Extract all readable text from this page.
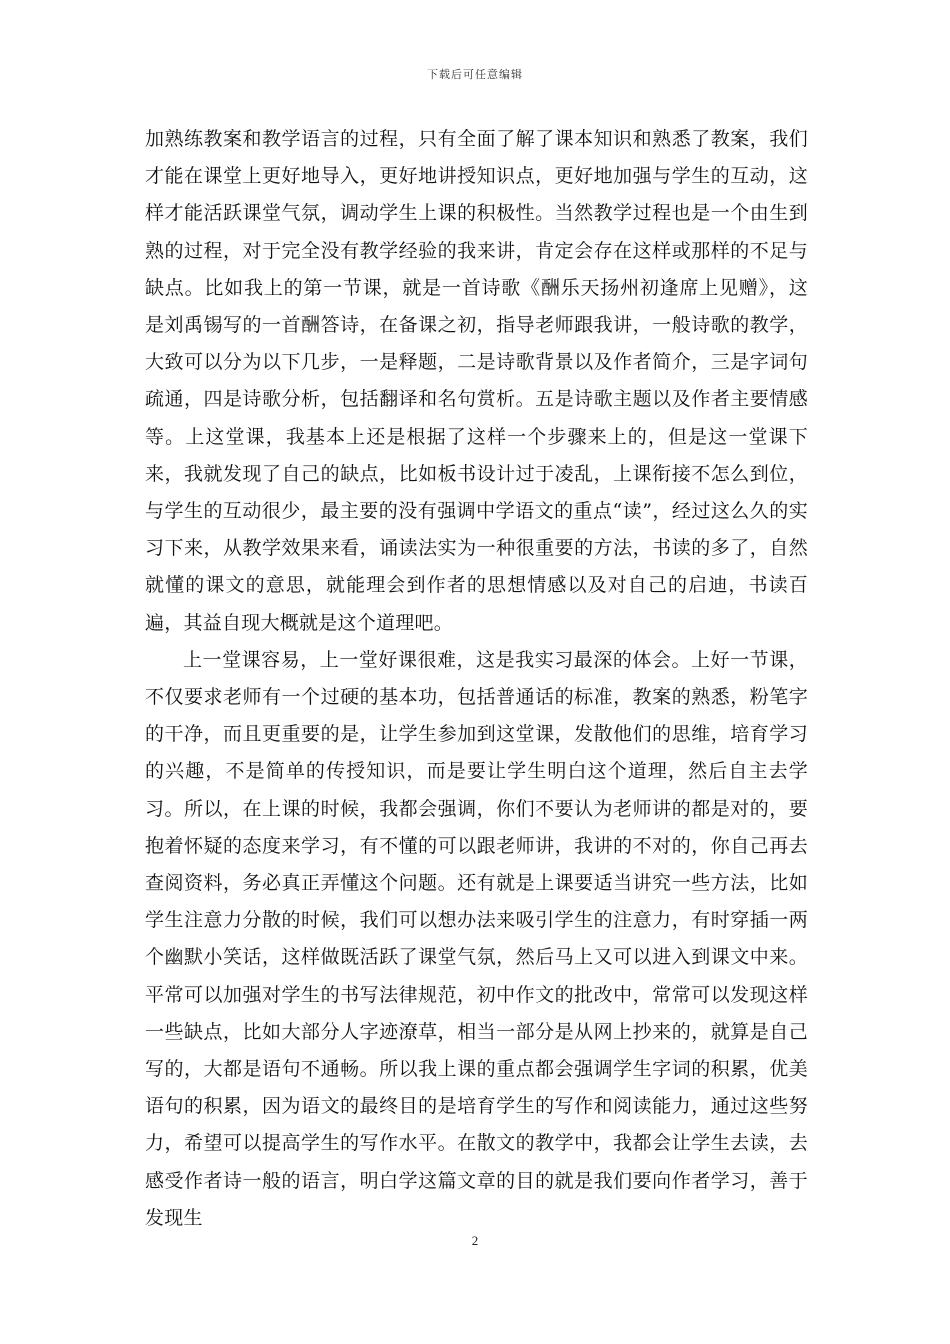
下载后可任意编辑

加熟练教案和教学语言的过程，只有全面了解了课本知识和熟悉了教案，我们才能在课堂上更好地导入，更好地讲授知识点，更好地加强与学生的互动，这样才能活跃课堂气氛，调动学生上课的积极性。当然教学过程也是一个由生到熟的过程，对于完全没有教学经验的我来讲，肯定会存在这样或那样的不足与缺点。比如我上的第一节课，就是一首诗歌《酬乐天扬州初逢席上见赠》，这是刘禹锡写的一首酬答诗，在备课之初，指导老师跟我讲，一般诗歌的教学，大致可以分为以下几步，一是释题，二是诗歌背景以及作者简介，三是字词句疏通，四是诗歌分析，包括翻译和名句赏析。五是诗歌主题以及作者主要情感等。上这堂课，我基本上还是根据了这样一个步骤来上的，但是这一堂课下来，我就发现了自己的缺点，比如板书设计过于凌乱，上课衔接不怎么到位，与学生的互动很少，最主要的没有强调中学语文的重点“读”，经过这么久的实习下来，从教学效果来看，诵读法实为一种很重要的方法，书读的多了，自然就懂的课文的意思，就能理会到作者的思想情感以及对自己的启迪，书读百遍，其益自现大概就是这个道理吧。

上一堂课容易，上一堂好课很难，这是我实习最深的体会。上好一节课，不仅要求老师有一个过硬的基本功，包括普通话的标准，教案的熟悉，粉笔字的干净，而且更重要的是，让学生参加到这堂课，发散他们的思维，培育学习的兴趣，不是简单的传授知识，而是要让学生明白这个道理，然后自主去学习。所以，在上课的时候，我都会强调，你们不要认为老师讲的都是对的，要抱着怀疑的态度来学习，有不懂的可以跟老师讲，我讲的不对的，你自己再去查阅资料，务必真正弄懂这个问题。还有就是上课要适当讲究一些方法，比如学生注意力分散的时候，我们可以想办法来吸引学生的注意力，有时穿插一两个幽默小笑话，这样做既活跃了课堂气氛，然后马上又可以进入到课文中来。平常可以加强对学生的书写法律规范，初中作文的批改中，常常可以发现这样一些缺点，比如大部分人字迹潦草，相当一部分是从网上抄来的，就算是自己写的，大都是语句不通畅。所以我上课的重点都会强调学生字词的积累，优美语句的积累，因为语文的最终目的是培育学生的写作和阅读能力，通过这些努力，希望可以提高学生的写作水平。在散文的教学中，我都会让学生去读，去感受作者诗一般的语言，明白学这篇文章的目的就是我们要向作者学习，善于发现生

2
